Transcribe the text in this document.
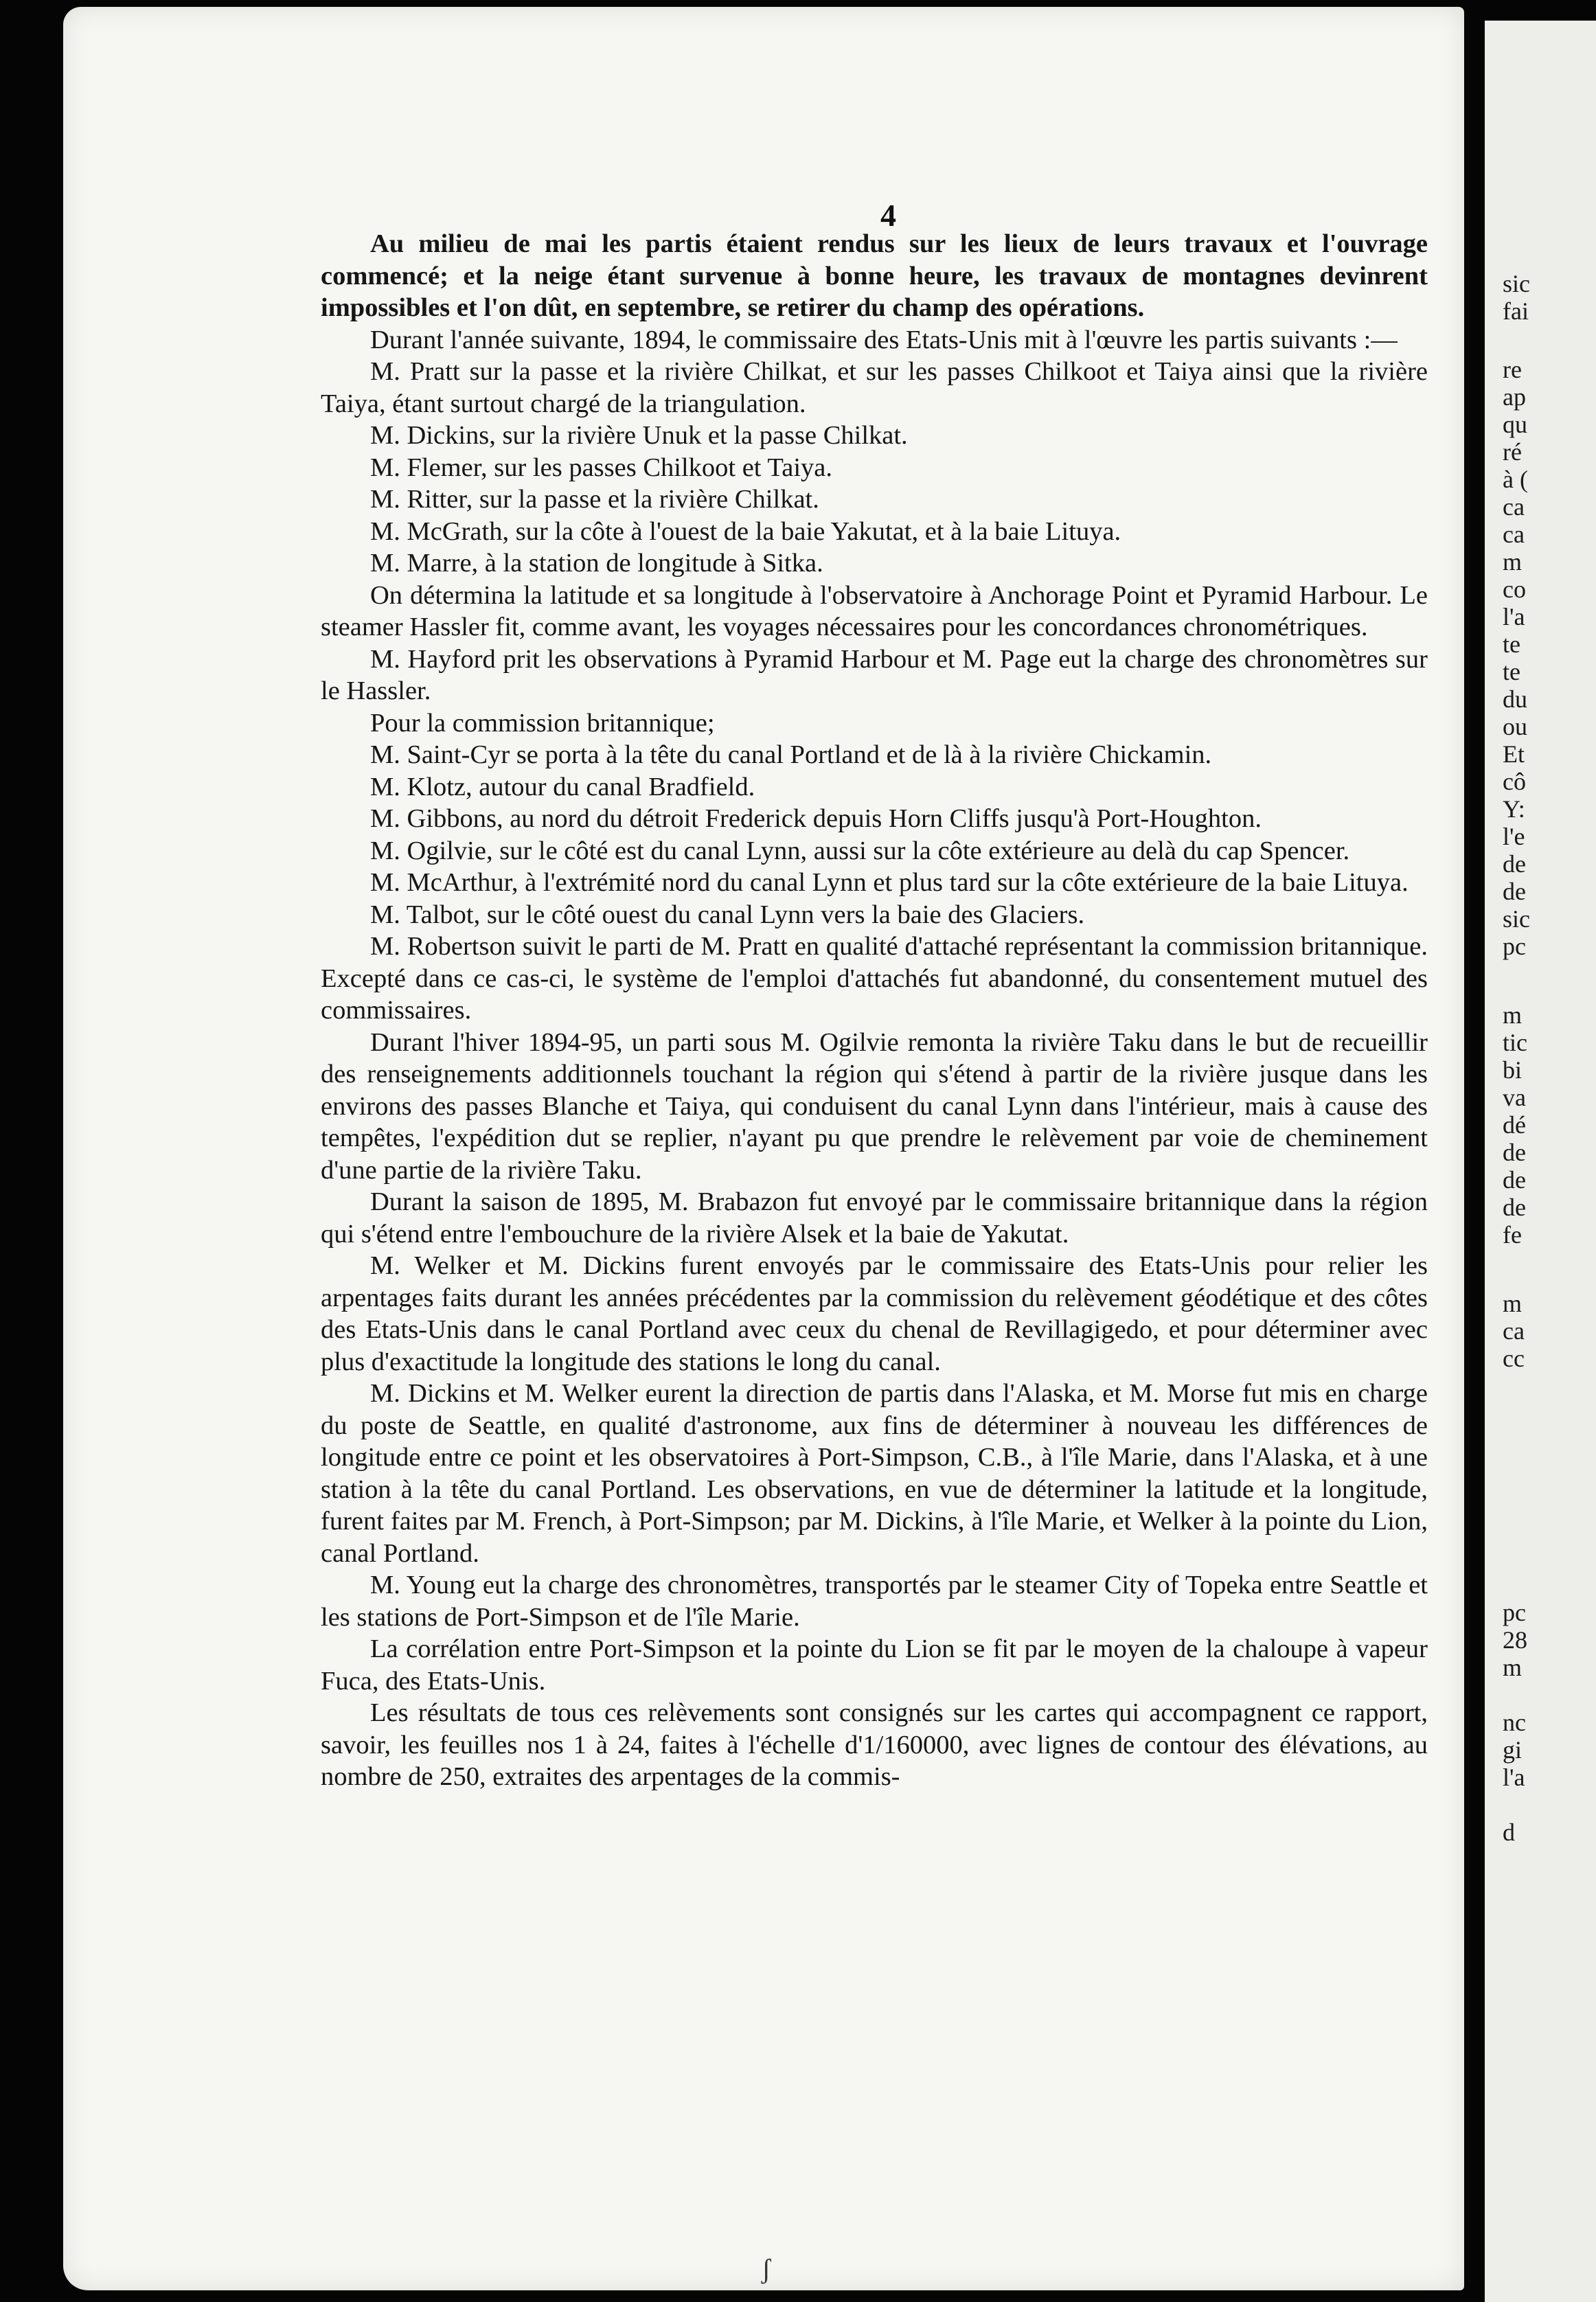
4

Au milieu de mai les partis étaient rendus sur les lieux de leurs travaux et l'ouvrage commencé; et la neige étant survenue à bonne heure, les travaux de montagnes devinrent impossibles et l'on dût, en septembre, se retirer du champ des opérations.

Durant l'année suivante, 1894, le commissaire des Etats-Unis mit à l'œuvre les partis suivants :—

M. Pratt sur la passe et la rivière Chilkat, et sur les passes Chilkoot et Taiya ainsi que la rivière Taiya, étant surtout chargé de la triangulation.

M. Dickins, sur la rivière Unuk et la passe Chilkat.

M. Flemer, sur les passes Chilkoot et Taiya.

M. Ritter, sur la passe et la rivière Chilkat.

M. McGrath, sur la côte à l'ouest de la baie Yakutat, et à la baie Lituya.

M. Marre, à la station de longitude à Sitka.

On détermina la latitude et sa longitude à l'observatoire à Anchorage Point et Pyramid Harbour. Le steamer Hassler fit, comme avant, les voyages nécessaires pour les concordances chronométriques.

M. Hayford prit les observations à Pyramid Harbour et M. Page eut la charge des chronomètres sur le Hassler.

Pour la commission britannique;

M. Saint-Cyr se porta à la tête du canal Portland et de là à la rivière Chickamin.

M. Klotz, autour du canal Bradfield.

M. Gibbons, au nord du détroit Frederick depuis Horn Cliffs jusqu'à Port-Houghton.

M. Ogilvie, sur le côté est du canal Lynn, aussi sur la côte extérieure au delà du cap Spencer.

M. McArthur, à l'extrémité nord du canal Lynn et plus tard sur la côte extérieure de la baie Lituya.

M. Talbot, sur le côté ouest du canal Lynn vers la baie des Glaciers.

M. Robertson suivit le parti de M. Pratt en qualité d'attaché représentant la commission britannique. Excepté dans ce cas-ci, le système de l'emploi d'attachés fut abandonné, du consentement mutuel des commissaires.

Durant l'hiver 1894-95, un parti sous M. Ogilvie remonta la rivière Taku dans le but de recueillir des renseignements additionnels touchant la région qui s'étend à partir de la rivière jusque dans les environs des passes Blanche et Taiya, qui conduisent du canal Lynn dans l'intérieur, mais à cause des tempêtes, l'expédition dut se replier, n'ayant pu que prendre le relèvement par voie de cheminement d'une partie de la rivière Taku.

Durant la saison de 1895, M. Brabazon fut envoyé par le commissaire britannique dans la région qui s'étend entre l'embouchure de la rivière Alsek et la baie de Yakutat.

M. Welker et M. Dickins furent envoyés par le commissaire des Etats-Unis pour relier les arpentages faits durant les années précédentes par la commission du relèvement géodétique et des côtes des Etats-Unis dans le canal Portland avec ceux du chenal de Revillagigedo, et pour déterminer avec plus d'exactitude la longitude des stations le long du canal.

M. Dickins et M. Welker eurent la direction de partis dans l'Alaska, et M. Morse fut mis en charge du poste de Seattle, en qualité d'astronome, aux fins de déterminer à nouveau les différences de longitude entre ce point et les observatoires à Port-Simpson, C.B., à l'île Marie, dans l'Alaska, et à une station à la tête du canal Portland. Les observations, en vue de déterminer la latitude et la longitude, furent faites par M. French, à Port-Simpson; par M. Dickins, à l'île Marie, et Welker à la pointe du Lion, canal Portland.

M. Young eut la charge des chronomètres, transportés par le steamer City of Topeka entre Seattle et les stations de Port-Simpson et de l'île Marie.

La corrélation entre Port-Simpson et la pointe du Lion se fit par le moyen de la chaloupe à vapeur Fuca, des Etats-Unis.

Les résultats de tous ces relèvements sont consignés sur les cartes qui accompagnent ce rapport, savoir, les feuilles nos 1 à 24, faites à l'échelle d'1/160000, avec lignes de contour des élévations, au nombre de 250, extraites des arpentages de la commis-

ʃ
sic
fai
re
ap
qu
ré
à (
ca
ca
m
co
l'a
te
te
du
ou
Et
cô
Y:
l'e
de
de
sic
pc
m
tic
bi
va
dé
de
de
de
fe
m
ca
cc
pc
28
m
nc
gi
l'a
d
